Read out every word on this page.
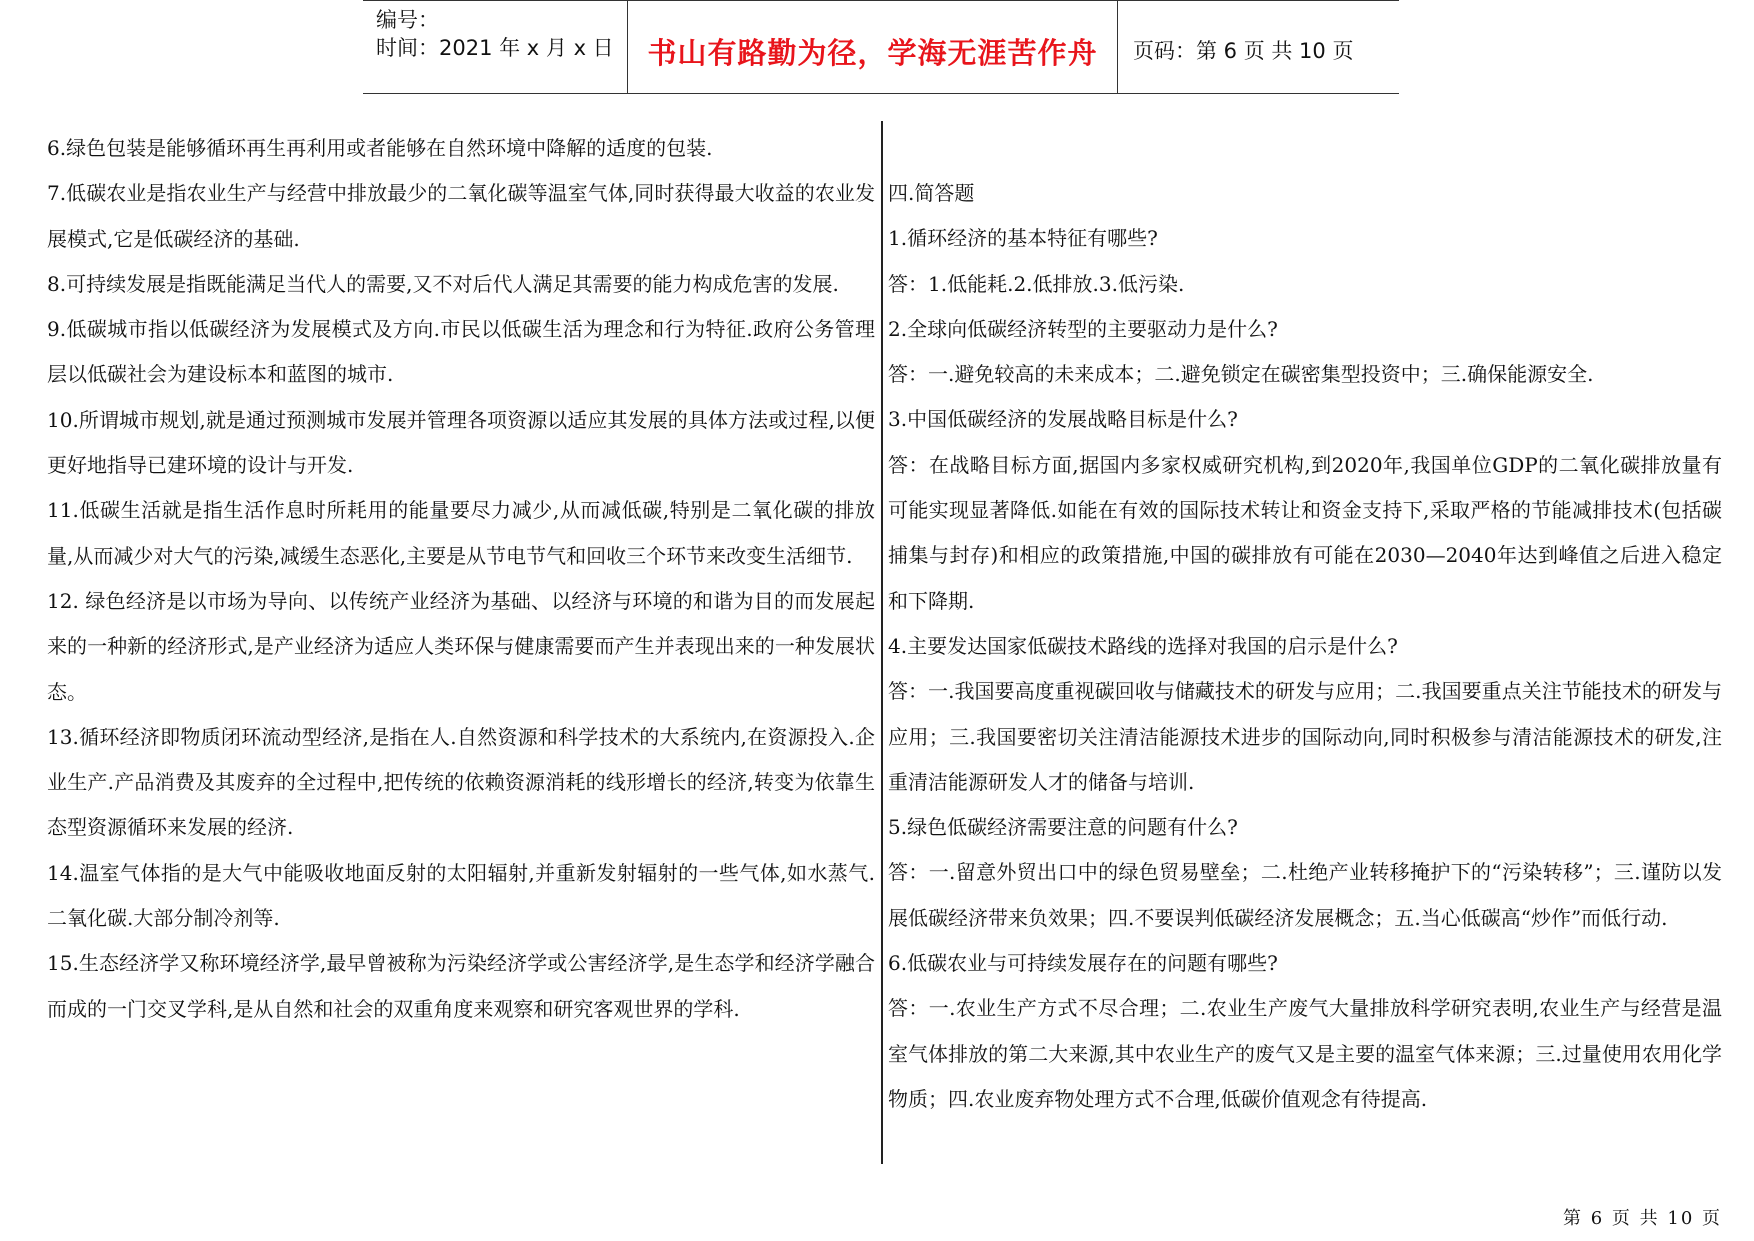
编号：
时间：2021 年 x 月 x 日	书山有路勤为径，学海无涯苦作舟	页码：第 6 页 共 10 页

6.绿色包装是能够循环再生再利用或者能够在自然环境中降解的适度的包装.

7.低碳农业是指农业生产与经营中排放最少的二氧化碳等温室气体,同时获得最大收益的农业发展模式,它是低碳经济的基础.

8.可持续发展是指既能满足当代人的需要,又不对后代人满足其需要的能力构成危害的发展.

9.低碳城市指以低碳经济为发展模式及方向.市民以低碳生活为理念和行为特征.政府公务管理层以低碳社会为建设标本和蓝图的城市.

10.所谓城市规划,就是通过预测城市发展并管理各项资源以适应其发展的具体方法或过程,以便更好地指导已建环境的设计与开发.

11.低碳生活就是指生活作息时所耗用的能量要尽力减少,从而减低碳,特别是二氧化碳的排放量,从而减少对大气的污染,减缓生态恶化,主要是从节电节气和回收三个环节来改变生活细节.

12. 绿色经济是以市场为导向、以传统产业经济为基础、以经济与环境的和谐为目的而发展起来的一种新的经济形式,是产业经济为适应人类环保与健康需要而产生并表现出来的一种发展状态。

13.循环经济即物质闭环流动型经济,是指在人.自然资源和科学技术的大系统内,在资源投入.企业生产.产品消费及其废弃的全过程中,把传统的依赖资源消耗的线形增长的经济,转变为依靠生态型资源循环来发展的经济.

14.温室气体指的是大气中能吸收地面反射的太阳辐射,并重新发射辐射的一些气体,如水蒸气.二氧化碳.大部分制冷剂等.

15.生态经济学又称环境经济学,最早曾被称为污染经济学或公害经济学,是生态学和经济学融合而成的一门交叉学科,是从自然和社会的双重角度来观察和研究客观世界的学科.

四.简答题

1.循环经济的基本特征有哪些?

答：1.低能耗.2.低排放.3.低污染.

2.全球向低碳经济转型的主要驱动力是什么?

答：一.避免较高的未来成本；二.避免锁定在碳密集型投资中；三.确保能源安全.

3.中国低碳经济的发展战略目标是什么?

答：在战略目标方面,据国内多家权威研究机构,到2020年,我国单位GDP的二氧化碳排放量有可能实现显著降低.如能在有效的国际技术转让和资金支持下,采取严格的节能减排技术(包括碳捕集与封存)和相应的政策措施,中国的碳排放有可能在2030—2040年达到峰值之后进入稳定和下降期.

4.主要发达国家低碳技术路线的选择对我国的启示是什么?

答：一.我国要高度重视碳回收与储藏技术的研发与应用；二.我国要重点关注节能技术的研发与应用；三.我国要密切关注清洁能源技术进步的国际动向,同时积极参与清洁能源技术的研发,注重清洁能源研发人才的储备与培训.

5.绿色低碳经济需要注意的问题有什么?

答：一.留意外贸出口中的绿色贸易壁垒；二.杜绝产业转移掩护下的“污染转移”；三.谨防以发展低碳经济带来负效果；四.不要误判低碳经济发展概念；五.当心低碳高“炒作”而低行动.

6.低碳农业与可持续发展存在的问题有哪些?

答：一.农业生产方式不尽合理；二.农业生产废气大量排放科学研究表明,农业生产与经营是温室气体排放的第二大来源,其中农业生产的废气又是主要的温室气体来源；三.过量使用农用化学物质；四.农业废弃物处理方式不合理,低碳价值观念有待提高.

第 6 页 共 10 页
